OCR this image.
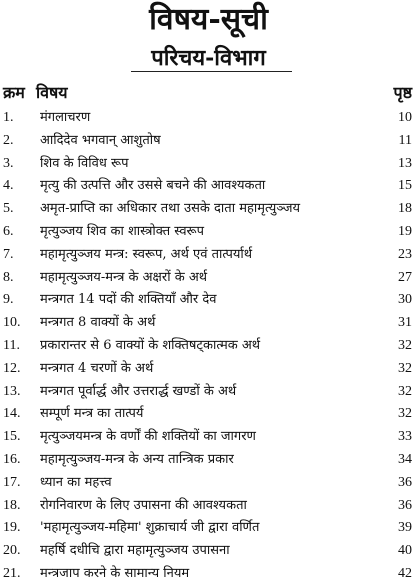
विषय-सूची
परिचय-विभाग
क्रम विषय	पृष्ठ
1. मंगलाचरण	10
2. आदिदेव भगवान् आशुतोष	11
3. शिव के विविध रूप	13
4. मृत्यु की उत्पत्ति और उससे बचने की आवश्यकता	15
5. अमृत-प्राप्ति का अधिकार तथा उसके दाता महामृत्युञ्जय	18
6. मृत्युञ्जय शिव का शास्त्रोक्त स्वरूप	19
7. महामृत्युञ्जय मन्त्र: स्वरूप, अर्थ एवं तात्पर्यार्थ	23
8. महामृत्युञ्जय-मन्त्र के अक्षरों के अर्थ	27
9. मन्त्रगत 14 पदों की शक्तियाँ और देव	30
10. मन्त्रगत 8 वाक्यों के अर्थ	31
11. प्रकारान्तर से 6 वाक्यों के शक्तिषट्कात्मक अर्थ	32
12. मन्त्रगत 4 चरणों के अर्थ	32
13. मन्त्रगत पूर्वार्द्ध और उत्तरार्द्ध खण्डों के अर्थ	32
14. सम्पूर्ण मन्त्र का तात्पर्य	32
15. मृत्युञ्जयमन्त्र के वर्णों की शक्तियों का जागरण	33
16. महामृत्युञ्जय-मन्त्र के अन्य तान्त्रिक प्रकार	34
17. ध्यान का महत्त्व	36
18. रोगनिवारण के लिए उपासना की आवश्यकता	36
19. 'महामृत्युञ्जय-महिमा' शुक्राचार्य जी द्वारा वर्णित	39
20. महर्षि दधीचि द्वारा महामृत्युञ्जय उपासना	40
21. मन्त्रजाप करने के सामान्य नियम	42
